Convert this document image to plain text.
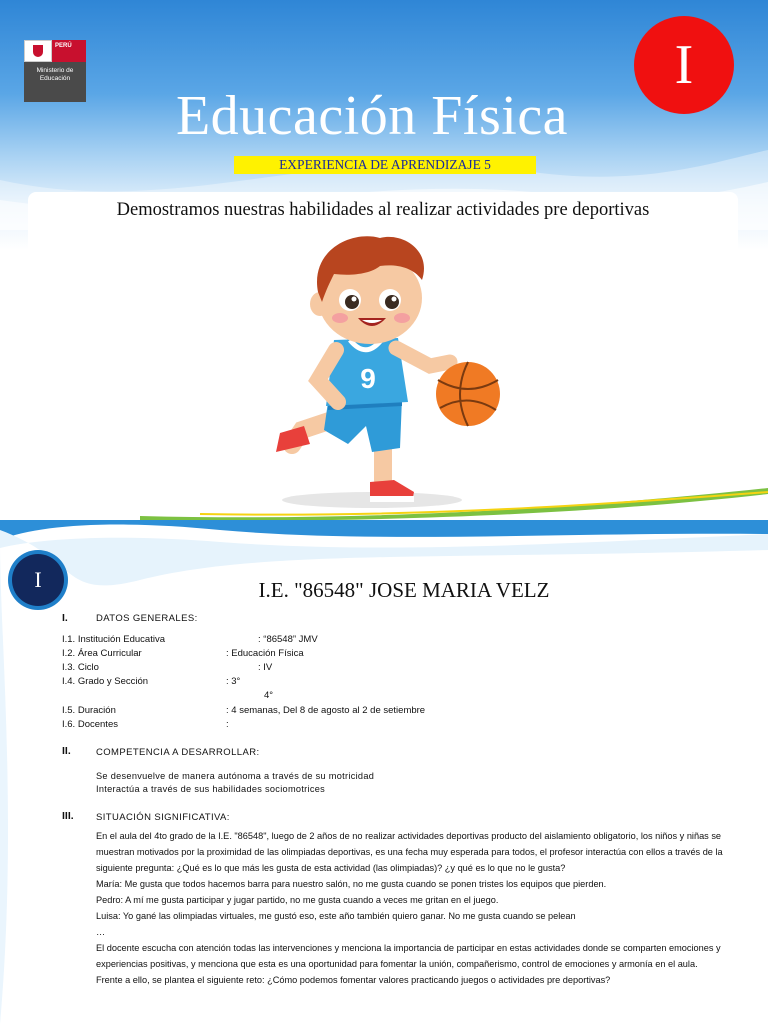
PERÚ
Ministerio de Educación
Educación Física
I
EXPERIENCIA DE APRENDIZAJE 5
Demostramos nuestras habilidades al realizar actividades pre deportivas
9
I	I.E. "86548" JOSE MARIA VELZ
I.	DATOS GENERALES:
I.1. Institución Educativa	: “86548” JMV
I.2. Área Curricular	: Educación Física
I.3. Ciclo	: IV
I.4. Grado y Sección	: 3°
4°
I.5. Duración	: 4 semanas, Del 8 de agosto al 2 de setiembre
I.6. Docentes	:
II.	COMPETENCIA A DESARROLLAR:
Se desenvuelve de manera autónoma a través de su motricidad
Interactúa a través de sus habilidades sociomotrices
III. SITUACIÓN SIGNIFICATIVA:
En el aula del 4to grado de la I.E. "86548", luego de 2 años de no realizar actividades deportivas producto del aislamiento obligatorio, los niños y niñas se
muestran motivados por la proximidad de las olimpiadas deportivas, es una fecha muy esperada para todos, el profesor interactúa con ellos a través de la
siguiente pregunta: ¿Qué es lo que más les gusta de esta actividad (las olimpiadas)? ¿y qué es lo que no le gusta?
María: Me gusta que todos hacemos barra para nuestro salón, no me gusta cuando se ponen tristes los equipos que pierden.
Pedro: A mí me gusta participar y jugar partido, no me gusta cuando a veces me gritan en el juego.
Luisa: Yo gané las olimpiadas virtuales, me gustó eso, este año también quiero ganar. No me gusta cuando se pelean
…
El docente escucha con atención todas las intervenciones y menciona la importancia de participar en estas actividades donde se comparten emociones y
experiencias positivas, y menciona que esta es una oportunidad para fomentar la unión, compañerismo, control de emociones y armonía en el aula.
Frente a ello, se plantea el siguiente reto: ¿Cómo podemos fomentar valores practicando juegos o actividades pre deportivas?
